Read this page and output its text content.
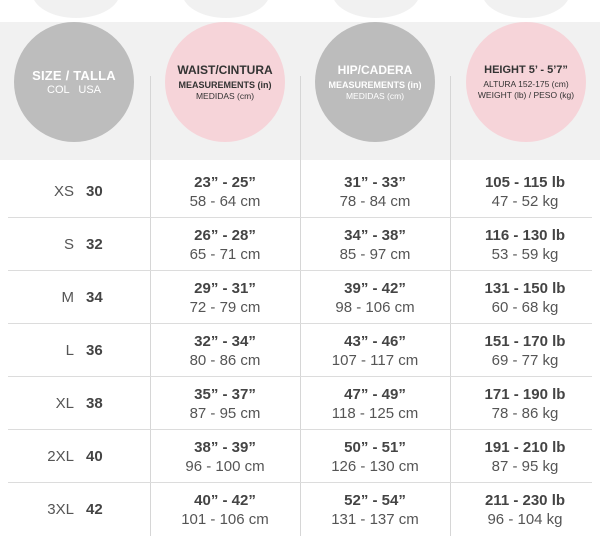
SIZE / TALLA
COL   USA
WAIST/CINTURA
MEASUREMENTS (in)
MEDIDAS (cm)
HIP/CADERA
MEASUREMENTS (in)
MEDIDAS (cm)
HEIGHT 5’ - 5’7”
ALTURA 152-175 (cm)
WEIGHT (lb) / PESO (kg)
XS 30
23” - 25”
58 - 64 cm
31” - 33”
78 - 84 cm
105 - 115 lb
47 - 52 kg
S 32
26” - 28”
65 - 71 cm
34” - 38”
85 - 97 cm
116 - 130 lb
53 - 59 kg
M 34
29” - 31”
72 - 79 cm
39” - 42”
98 - 106 cm
131 - 150 lb
60 - 68 kg
L 36
32” - 34”
80 - 86 cm
43” - 46”
107 - 117 cm
151 - 170 lb
69 - 77 kg
XL 38
35” - 37”
87 - 95 cm
47” - 49”
118 - 125 cm
171 - 190 lb
78 - 86 kg
2XL 40
38” - 39”
96 - 100 cm
50” - 51”
126 - 130 cm
191 - 210 lb
87 - 95 kg
3XL 42
40” - 42”
101 - 106 cm
52” - 54”
131 - 137 cm
211 - 230 lb
96 - 104 kg
